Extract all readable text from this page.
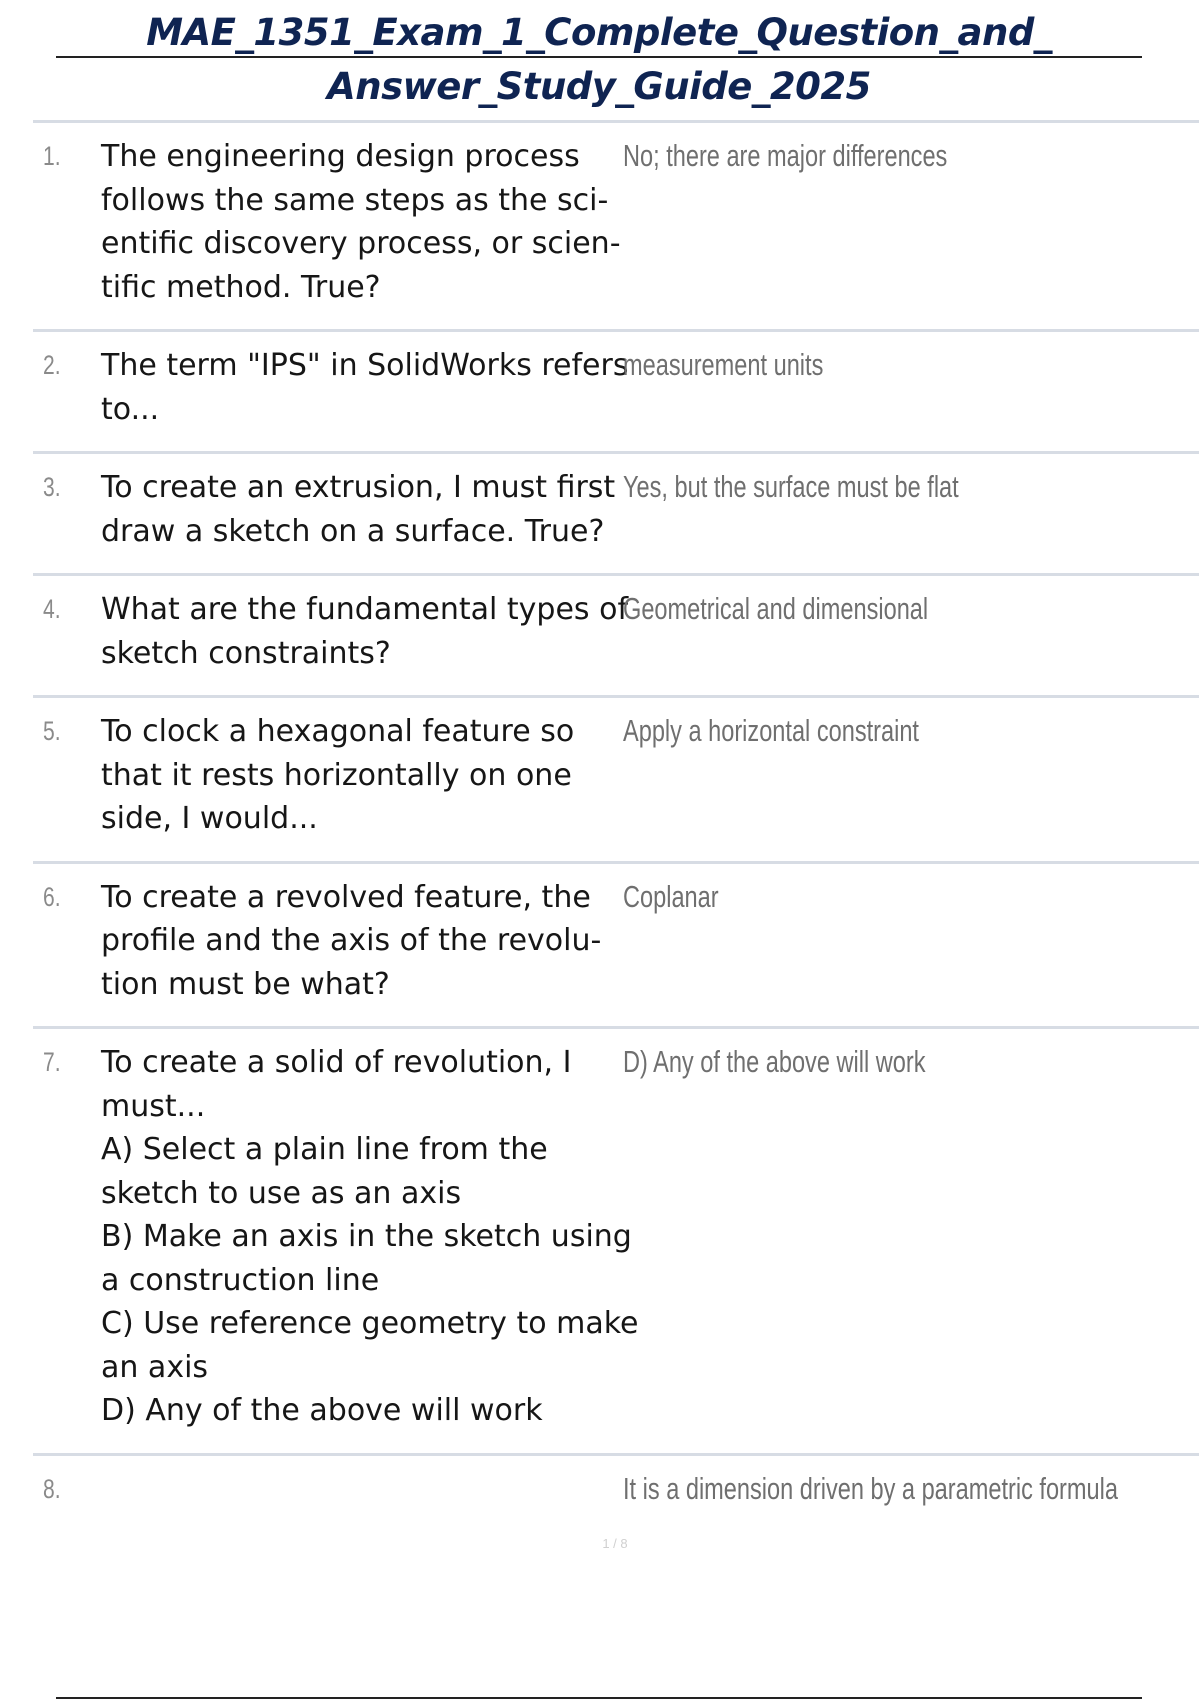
MAE_1351_Exam_1_Complete_Question_and_ Answer_Study_Guide_2025
1. The engineering design process follows the same steps as the sci-entific discovery process, or scien-tific method. True?
No; there are major differences
2. The term "IPS" in SolidWorks refers to...
measurement units
3. To create an extrusion, I must first draw a sketch on a surface. True?
Yes, but the surface must be flat
4. What are the fundamental types of sketch constraints?
Geometrical and dimensional
5. To clock a hexagonal feature so that it rests horizontally on one side, I would...
Apply a horizontal constraint
6. To create a revolved feature, the profile and the axis of the revolu-tion must be what?
Coplanar
7. To create a solid of revolution, I must...
A) Select a plain line from the sketch to use as an axis
B) Make an axis in the sketch using a construction line
C) Use reference geometry to make an axis
D) Any of the above will work
D) Any of the above will work
8.	It is a dimension driven by a parametric formula
1 / 8
